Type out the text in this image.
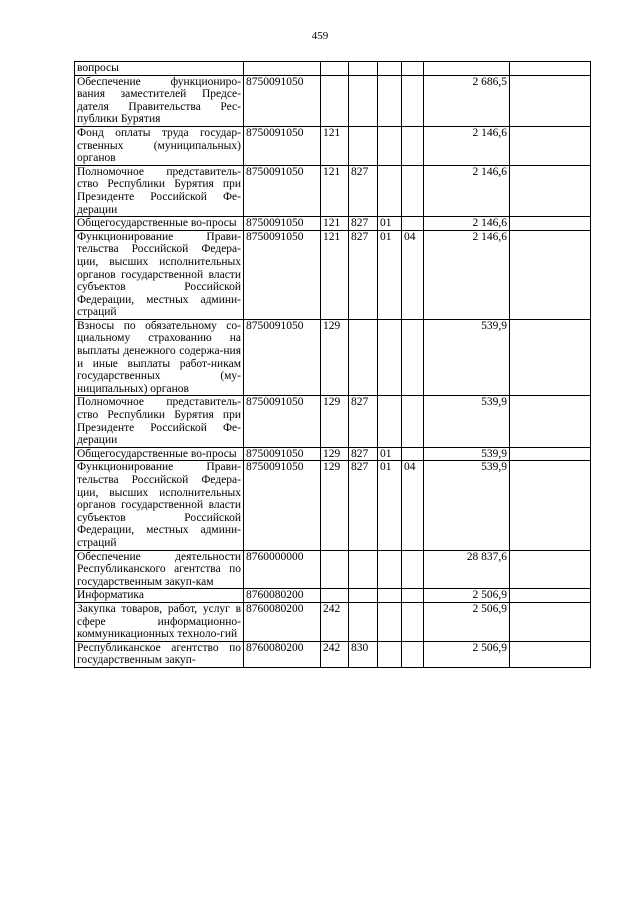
459
вопросы							
Обеспечение функциониро-вания заместителей Предсе-дателя Правительства Рес-публики Бурятия	8750091050					2 686,5	
Фонд оплаты труда государ-ственных (муниципальных) органов	8750091050	121				2 146,6	
Полномочное представитель-ство Республики Бурятия при Президенте Российской Фе-дерации	8750091050	121	827			2 146,6	
Общегосударственные во-просы	8750091050	121	827	01		2 146,6	
Функционирование Прави-тельства Российской Федера-ции, высших исполнительных органов государственной власти субъектов Российской Федерации, местных админи-страций	8750091050	121	827	01	04	2 146,6	
Взносы по обязательному со-циальному страхованию на выплаты денежного содержа-ния и иные выплаты работ-никам государственных (му-ниципальных) органов	8750091050	129				539,9	
Полномочное представитель-ство Республики Бурятия при Президенте Российской Фе-дерации	8750091050	129	827			539,9	
Общегосударственные во-просы	8750091050	129	827	01		539,9	
Функционирование Прави-тельства Российской Федера-ции, высших исполнительных органов государственной власти субъектов Российской Федерации, местных админи-страций	8750091050	129	827	01	04	539,9	
Обеспечение деятельности Республиканского агентства по государственным закуп-кам	8760000000					28 837,6	
Информатика	8760080200					2 506,9	
Закупка товаров, работ, услуг в сфере информационно-коммуникационных техноло-гий	8760080200	242				2 506,9	
Республиканское агентство по государственным закуп-	8760080200	242	830			2 506,9	
